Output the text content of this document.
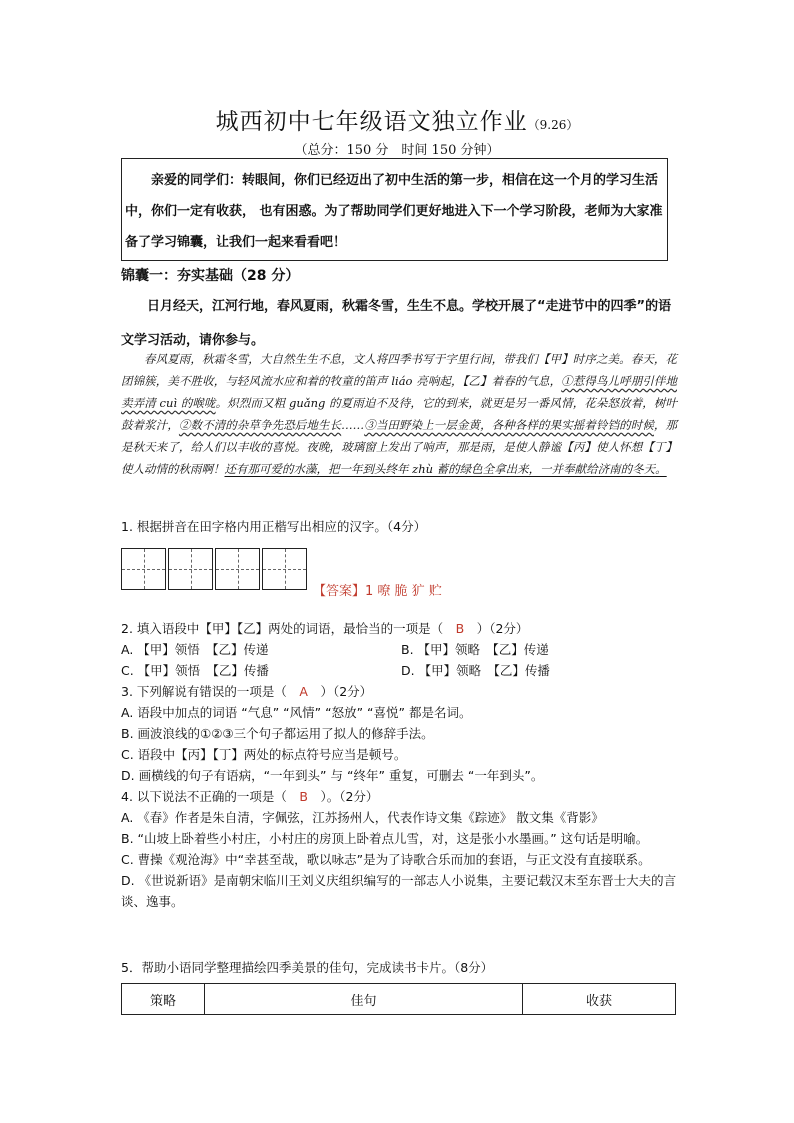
城西初中七年级语文独立作业（9.26）
（总分：150 分　时间 150 分钟）

亲爱的同学们：转眼间，你们已经迈出了初中生活的第一步，相信在这一个月的学习生活中，你们一定有收获， 也有困惑。为了帮助同学们更好地进入下一个学习阶段，老师为大家准备了学习锦囊，让我们一起来看看吧！

锦囊一：夯实基础（28 分）

日月经天，江河行地，春风夏雨，秋霜冬雪，生生不息。学校开展了“走进节中的四季”的语文学习活动，请你参与。

春风夏雨，秋霜冬雪，大自然生生不息，文人将四季书写于字里行间，带我们【甲】时序之美。春天，花团锦簇，美不胜收，与轻风流水应和着的牧童的笛声 liáo 亮响起，【乙】着春的气息，①惹得鸟儿呼朋引伴地卖弄清 cuì 的喉咙。炽烈而又粗 guǎng 的夏雨迫不及待，它的到来，就更是另一番风情，花朵怒放着，树叶鼓着浆汁，②数不清的杂草争先恐后地生长……③当田野染上一层金黄，各种各样的果实摇着铃铛的时候，那是秋天来了，给人们以丰收的喜悦。夜晚，玻璃窗上发出了响声，那是雨，是使人静谧【丙】使人怀想【丁】使人动情的秋雨啊！还有那可爱的水藻，把一年到头终年 zhù 蓄的绿色全拿出来，一并奉献给济南的冬天。

1. 根据拼音在田字格内用正楷写出相应的汉字。（4分）
【答案】1 嘹 脆 犷 贮
2. 填入语段中【甲】【乙】两处的词语，最恰当的一项是（　B　）（2分）
A. 【甲】领悟　【乙】传递	B. 【甲】领略　【乙】传递
C. 【甲】领悟　【乙】传播	D. 【甲】领略　【乙】传播
3. 下列解说有错误的一项是（　A　）（2分）
A. 语段中加点的词语 “气息” “风情” “怒放” “喜悦” 都是名词。
B. 画波浪线的①②③三个句子都运用了拟人的修辞手法。
C. 语段中【丙】【丁】两处的标点符号应当是顿号。
D. 画横线的句子有语病，“一年到头” 与 “终年” 重复，可删去 “一年到头”。
4. 以下说法不正确的一项是（　B　）。（2分）
A. 《春》作者是朱自清，字佩弦，江苏扬州人，代表作诗文集《踪迹》 散文集《背影》
B. “山坡上卧着些小村庄，小村庄的房顶上卧着点儿雪，对，这是张小水墨画。” 这句话是明喻。
C. 曹操《观沧海》中“幸甚至哉，歌以咏志”是为了诗歌合乐而加的套语，与正文没有直接联系。
D. 《世说新语》是南朝宋临川王刘义庆组织编写的一部志人小说集，主要记载汉末至东晋士大夫的言谈、逸事。
5．帮助小语同学整理描绘四季美景的佳句，完成读书卡片。（8分）
策略	佳句	收获
